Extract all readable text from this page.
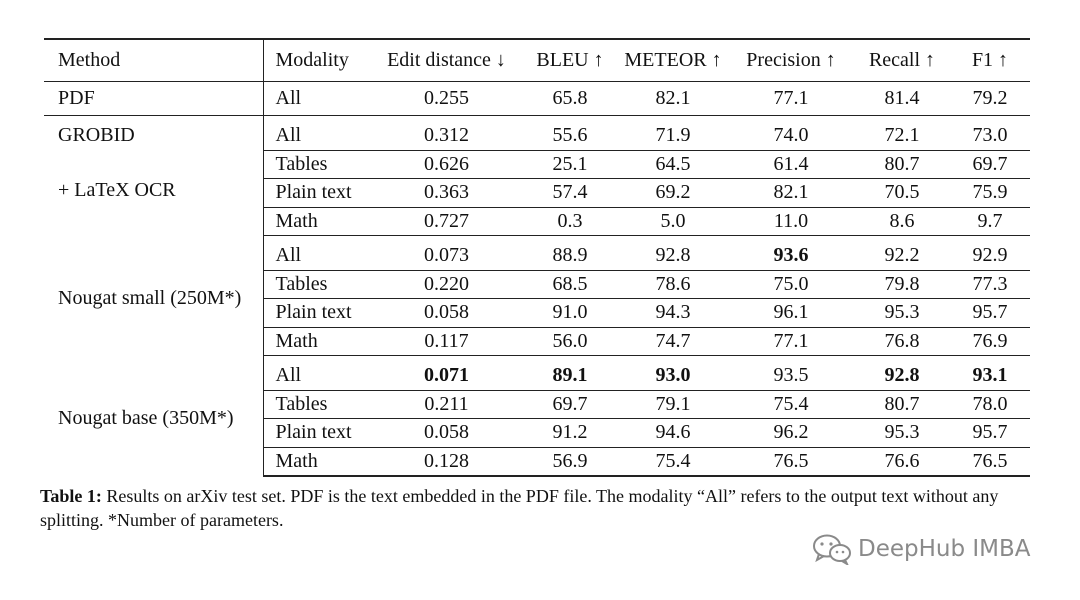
Method	Modality	Edit distance ↓	BLEU ↑	METEOR ↑	Precision ↑	Recall ↑	F1 ↑
PDF	All	0.255	65.8	82.1	77.1	81.4	79.2

GROBID
+ LaTeX OCR	All	0.312	55.6	71.9	74.0	72.1	73.0
	Tables	0.626	25.1	64.5	61.4	80.7	69.7
	Plain text	0.363	57.4	69.2	82.1	70.5	75.9
	Math	0.727	0.3	5.0	11.0	8.6	9.7
Nougat small (250M*)	All	0.073	88.9	92.8	93.6	92.2	92.9
	Tables	0.220	68.5	78.6	75.0	79.8	77.3
	Plain text	0.058	91.0	94.3	96.1	95.3	95.7
	Math	0.117	56.0	74.7	77.1	76.8	76.9
Nougat base (350M*)	All	0.071	89.1	93.0	93.5	92.8	93.1
	Tables	0.211	69.7	79.1	75.4	80.7	78.0
	Plain text	0.058	91.2	94.6	96.2	95.3	95.7
	Math	0.128	56.9	75.4	76.5	76.6	76.5
Table 1: Results on arXiv test set. PDF is the text embedded in the PDF file. The modality “All” refers to the output text without any splitting. *Number of parameters.
DeepHub IMBA
